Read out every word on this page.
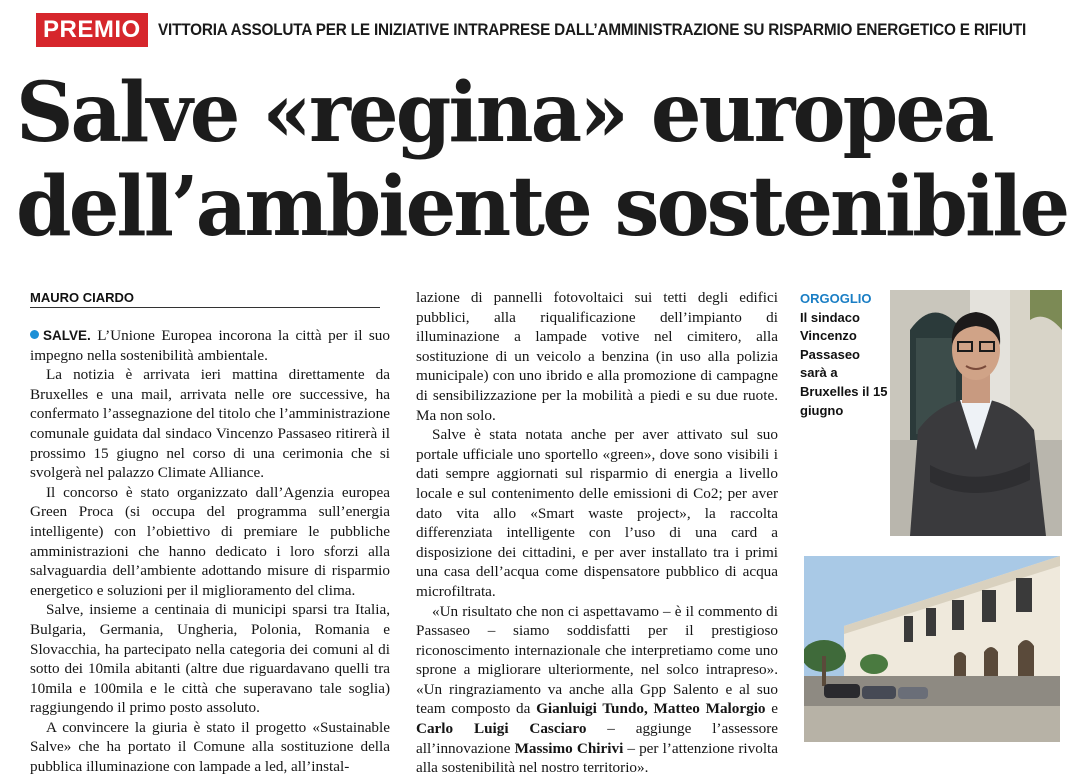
PREMIO	VITTORIA ASSOLUTA PER LE INIZIATIVE INTRAPRESE DALL’AMMINISTRAZIONE SU RISPARMIO ENERGETICO E RIFIUTI
Salve «regina» europea
dell’ambiente sostenibile
MAURO CIARDO

SALVE. L’Unione Europea incorona la città per il suo impegno nella sostenibilità ambientale.

La notizia è arrivata ieri mattina direttamente da Bruxelles e una mail, arrivata nelle ore successive, ha confermato l’assegnazione del titolo che l’amministrazione comunale guidata dal sindaco Vincenzo Passaseo ritirerà il prossimo 15 giugno nel corso di una cerimonia che si svolgerà nel palazzo Climate Alliance.

Il concorso è stato organizzato dall’Agenzia europea Green Proca (si occupa del programma sull’energia intelligente) con l’obiettivo di premiare le pubbliche amministrazioni che hanno dedicato i loro sforzi alla salvaguardia dell’ambiente adottando misure di risparmio energetico e soluzioni per il miglioramento del clima.

Salve, insieme a centinaia di municipi sparsi tra Italia, Bulgaria, Germania, Ungheria, Polonia, Romania e Slovacchia, ha partecipato nella categoria dei comuni al di sotto dei 10mila abitanti (altre due riguardavano quelli tra 10mila e 100mila e le città che superavano tale soglia) raggiungendo il primo posto assoluto.

A convincere la giuria è stato il progetto «Sustainable Salve» che ha portato il Comune alla sostituzione della pubblica illuminazione con lampade a led, all’instal-

lazione di pannelli fotovoltaici sui tetti degli edifici pubblici, alla riqualificazione dell’impianto di illuminazione a lampade votive nel cimitero, alla sostituzione di un veicolo a benzina (in uso alla polizia municipale) con uno ibrido e alla promozione di campagne di sensibilizzazione per la mobilità a piedi e su due ruote. Ma non solo.

Salve è stata notata anche per aver attivato sul suo portale ufficiale uno sportello «green», dove sono visibili i dati sempre aggiornati sul risparmio di energia a livello locale e sul contenimento delle emissioni di Co2; per aver dato vita allo «Smart waste project», la raccolta differenziata intelligente con l’uso di una card a disposizione dei cittadini, e per aver installato tra i primi una casa dell’acqua come dispensatore pubblico di acqua microfiltrata.

«Un risultato che non ci aspettavamo – è il commento di Passaseo – siamo soddisfatti per il prestigioso riconoscimento internazionale che interpretiamo come uno sprone a migliorare ulteriormente, nel solco intrapreso». «Un ringraziamento va anche alla Gpp Salento e al suo team composto da Gianluigi Tundo, Matteo Malorgio e Carlo Luigi Casciaro – aggiunge l’assessore all’innovazione Massimo Chirivi – per l’attenzione rivolta alla sostenibilità nel nostro territorio».

ORGOGLIO
Il sindaco Vincenzo Passaseo sarà a Bruxelles il 15 giugno
